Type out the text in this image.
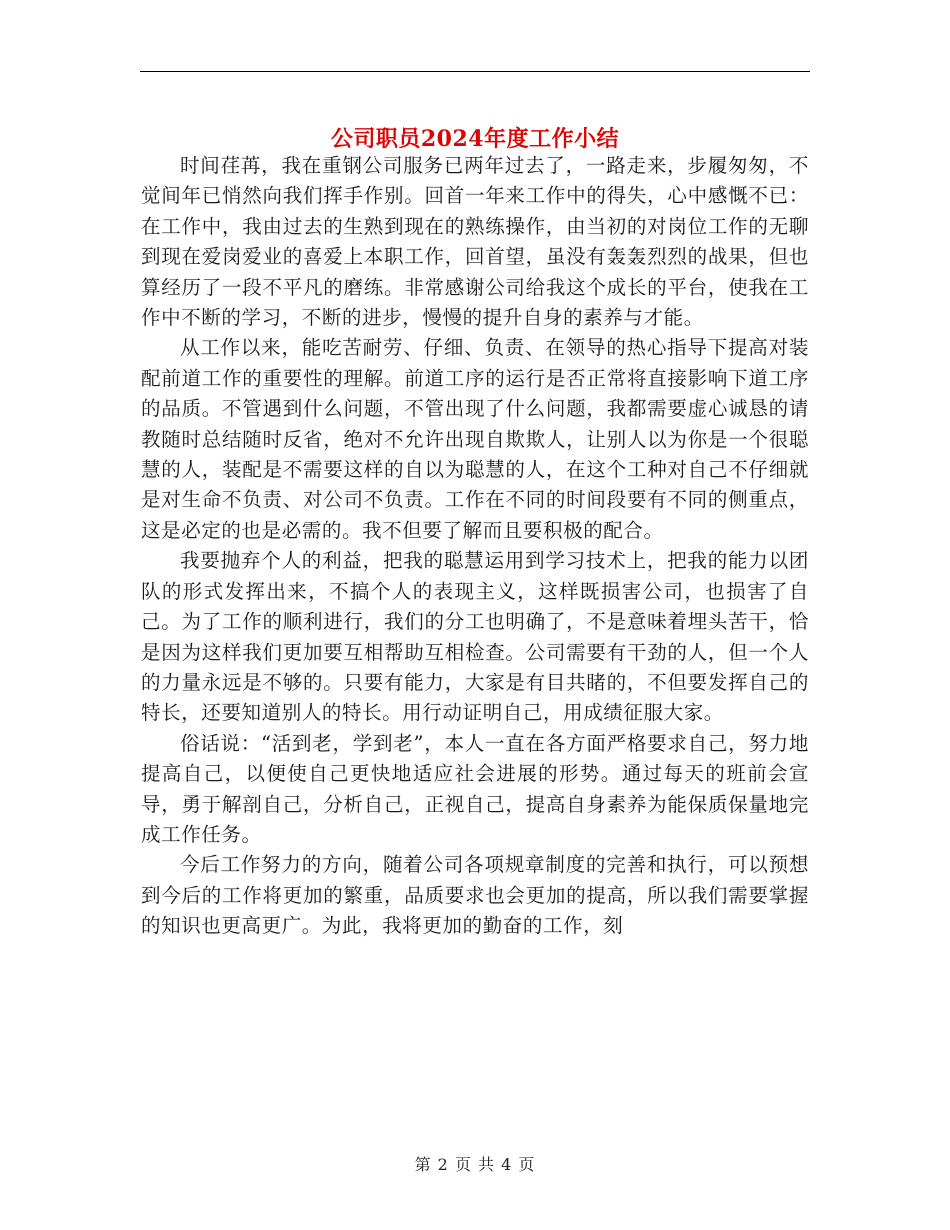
公司职员2024年度工作小结

时间荏苒，我在重钢公司服务已两年过去了，一路走来，步履匆匆，不觉间年已悄然向我们挥手作别。回首一年来工作中的得失，心中感慨不已：在工作中，我由过去的生熟到现在的熟练操作，由当初的对岗位工作的无聊到现在爱岗爱业的喜爱上本职工作，回首望，虽没有轰轰烈烈的战果，但也算经历了一段不平凡的磨练。非常感谢公司给我这个成长的平台，使我在工作中不断的学习，不断的进步，慢慢的提升自身的素养与才能。

从工作以来，能吃苦耐劳、仔细、负责、在领导的热心指导下提高对装配前道工作的重要性的理解。前道工序的运行是否正常将直接影响下道工序的品质。不管遇到什么问题，不管出现了什么问题，我都需要虚心诚恳的请教随时总结随时反省，绝对不允许出现自欺欺人，让别人以为你是一个很聪慧的人，装配是不需要这样的自以为聪慧的人，在这个工种对自己不仔细就是对生命不负责、对公司不负责。工作在不同的时间段要有不同的侧重点，这是必定的也是必需的。我不但要了解而且要积极的配合。

我要抛弃个人的利益，把我的聪慧运用到学习技术上，把我的能力以团队的形式发挥出来，不搞个人的表现主义，这样既损害公司，也损害了自己。为了工作的顺利进行，我们的分工也明确了，不是意味着埋头苦干，恰是因为这样我们更加要互相帮助互相检查。公司需要有干劲的人，但一个人的力量永远是不够的。只要有能力，大家是有目共睹的，不但要发挥自己的特长，还要知道别人的特长。用行动证明自己，用成绩征服大家。

俗话说：“活到老，学到老”，本人一直在各方面严格要求自己，努力地提高自己，以便使自己更快地适应社会进展的形势。通过每天的班前会宣导，勇于解剖自己，分析自己，正视自己，提高自身素养为能保质保量地完成工作任务。

今后工作努力的方向，随着公司各项规章制度的完善和执行，可以预想到今后的工作将更加的繁重，品质要求也会更加的提高，所以我们需要掌握的知识也更高更广。为此，我将更加的勤奋的工作，刻

第 2 页 共 4 页
